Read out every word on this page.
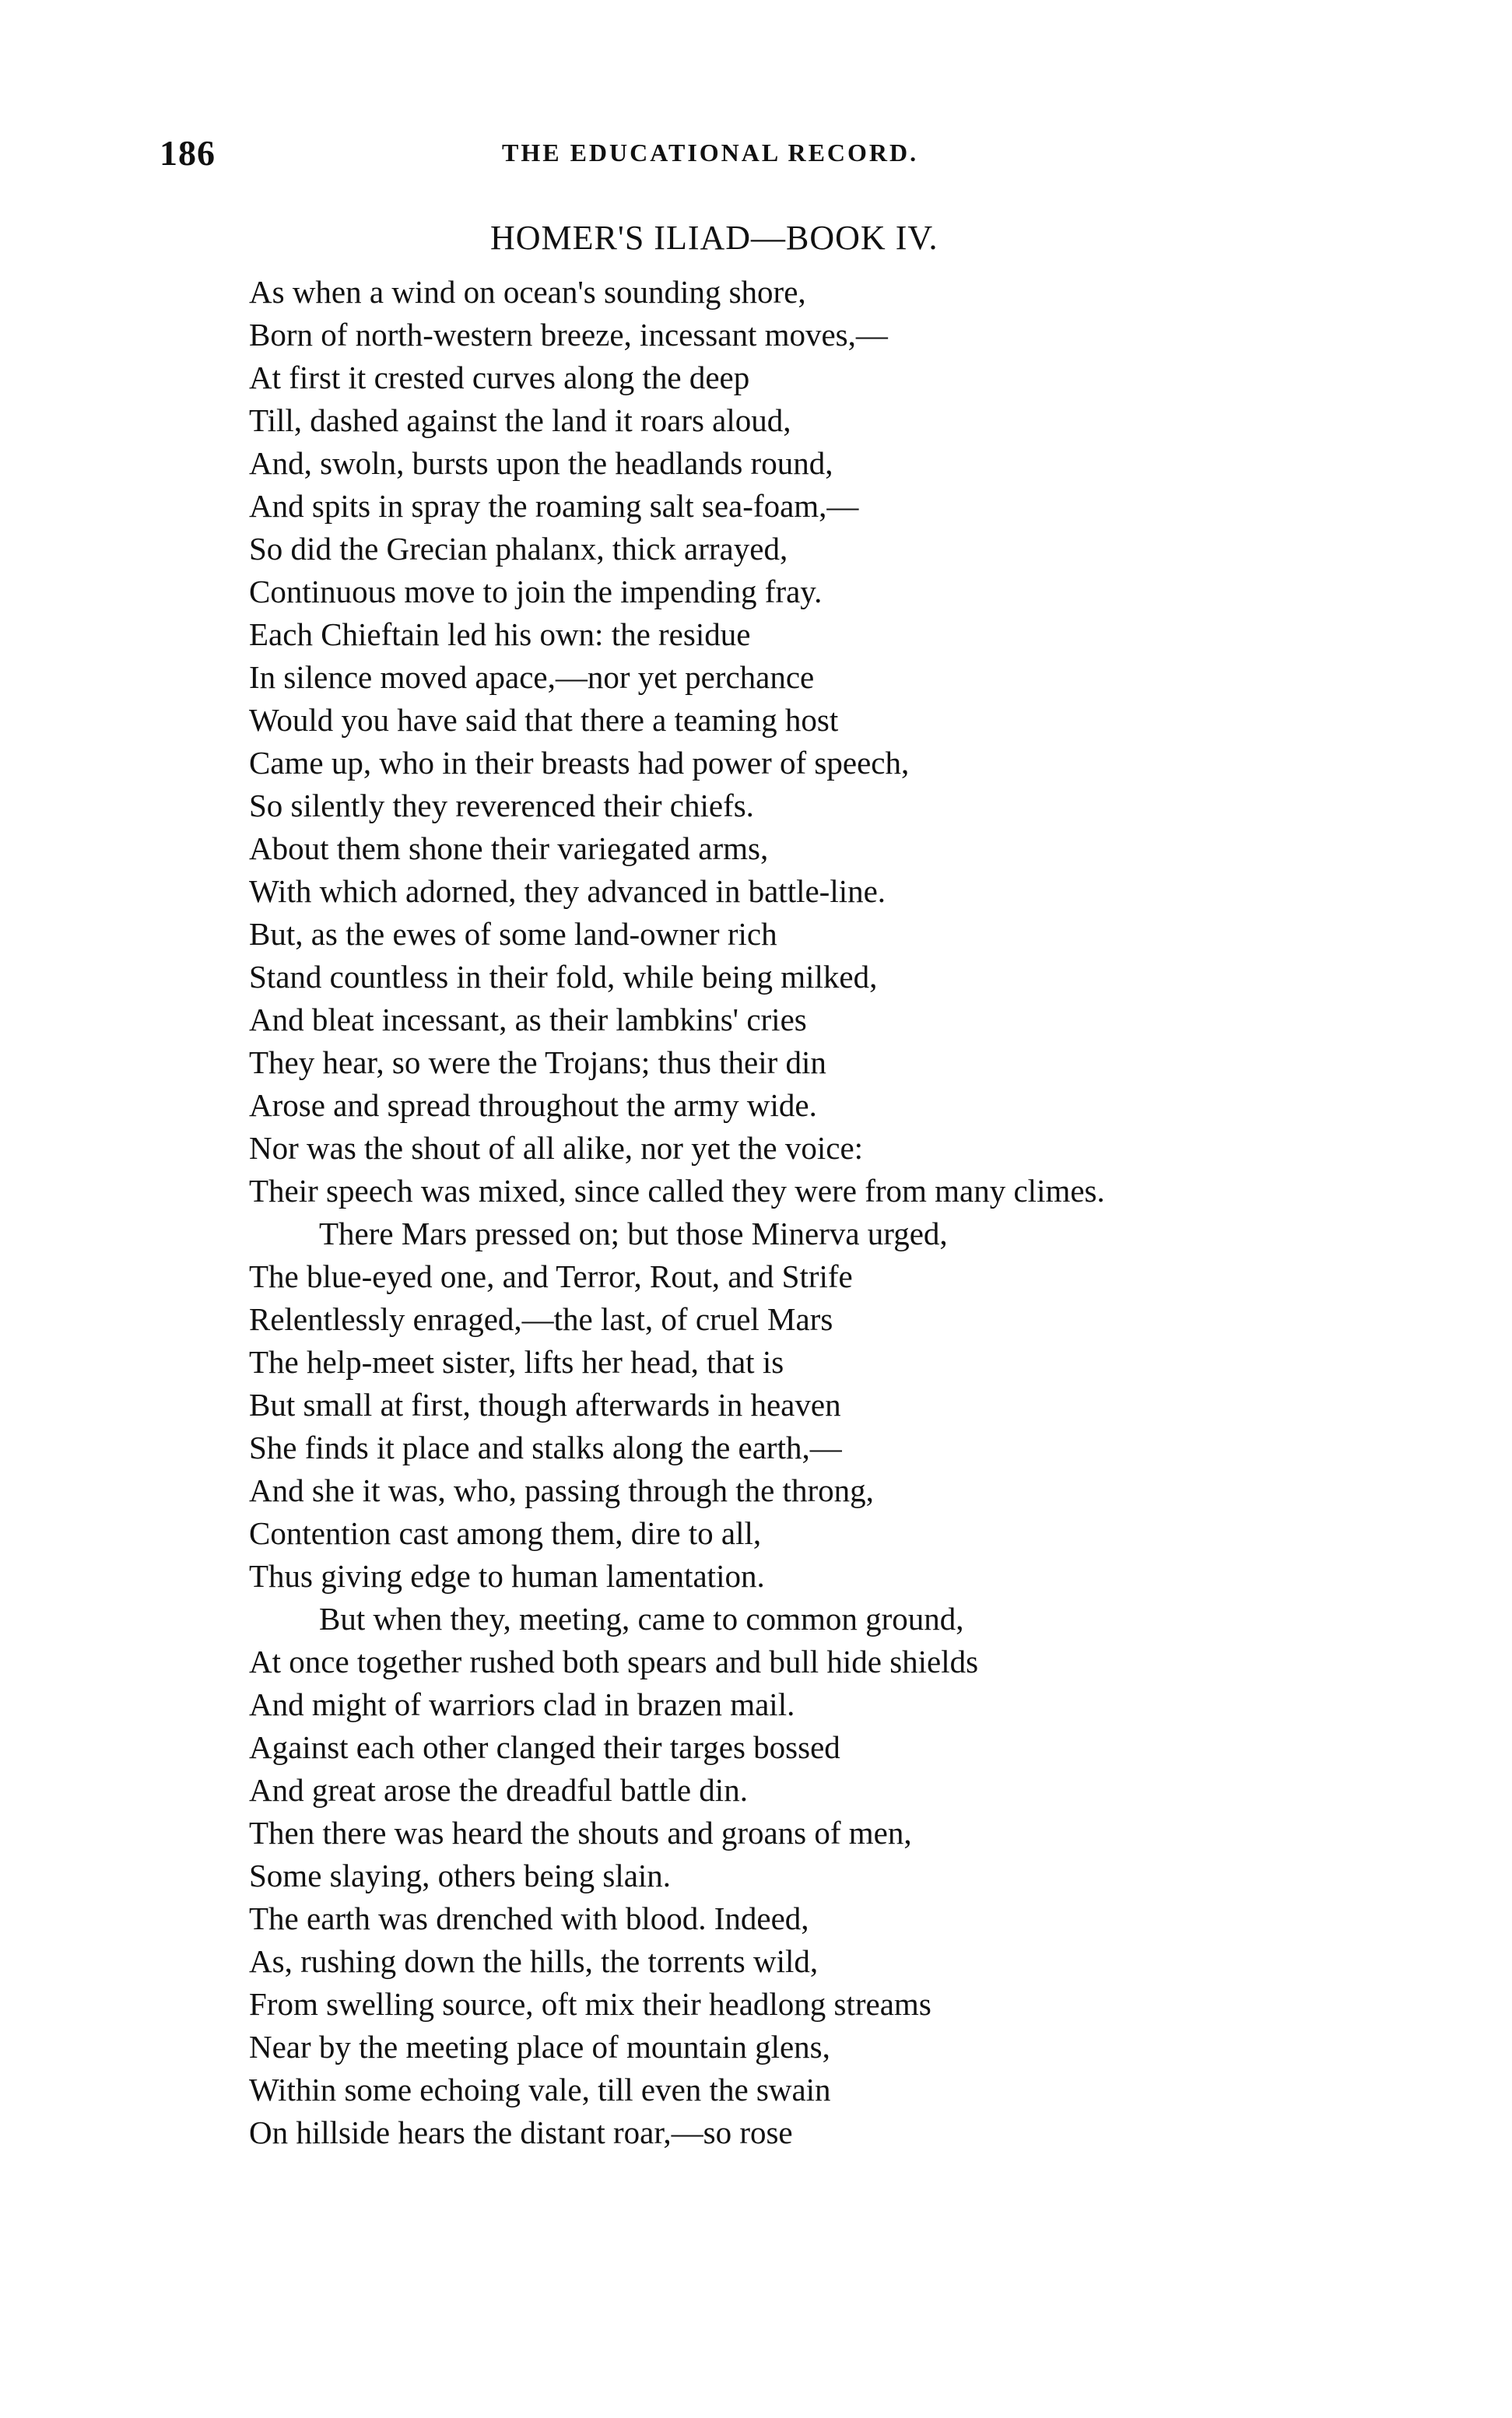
186	THE EDUCATIONAL RECORD.
HOMER'S ILIAD—BOOK IV.
As when a wind on ocean's sounding shore,
Born of north-western breeze, incessant moves,—
At first it crested curves along the deep
Till, dashed against the land it roars aloud,
And, swoln, bursts upon the headlands round,
And spits in spray the roaming salt sea-foam,—
So did the Grecian phalanx, thick arrayed,
Continuous move to join the impending fray.
Each Chieftain led his own: the residue
In silence moved apace,—nor yet perchance
Would you have said that there a teaming host
Came up, who in their breasts had power of speech,
So silently they reverenced their chiefs.
About them shone their variegated arms,
With which adorned, they advanced in battle-line.
But, as the ewes of some land-owner rich
Stand countless in their fold, while being milked,
And bleat incessant, as their lambkins' cries
They hear, so were the Trojans; thus their din
Arose and spread throughout the army wide.
Nor was the shout of all alike, nor yet the voice:
Their speech was mixed, since called they were from many climes.
There Mars pressed on; but those Minerva urged,
The blue-eyed one, and Terror, Rout, and Strife
Relentlessly enraged,—the last, of cruel Mars
The help-meet sister, lifts her head, that is
But small at first, though afterwards in heaven
She finds it place and stalks along the earth,—
And she it was, who, passing through the throng,
Contention cast among them, dire to all,
Thus giving edge to human lamentation.
But when they, meeting, came to common ground,
At once together rushed both spears and bull hide shields
And might of warriors clad in brazen mail.
Against each other clanged their targes bossed
And great arose the dreadful battle din.
Then there was heard the shouts and groans of men,
Some slaying, others being slain.
The earth was drenched with blood. Indeed,
As, rushing down the hills, the torrents wild,
From swelling source, oft mix their headlong streams
Near by the meeting place of mountain glens,
Within some echoing vale, till even the swain
On hillside hears the distant roar,—so rose
